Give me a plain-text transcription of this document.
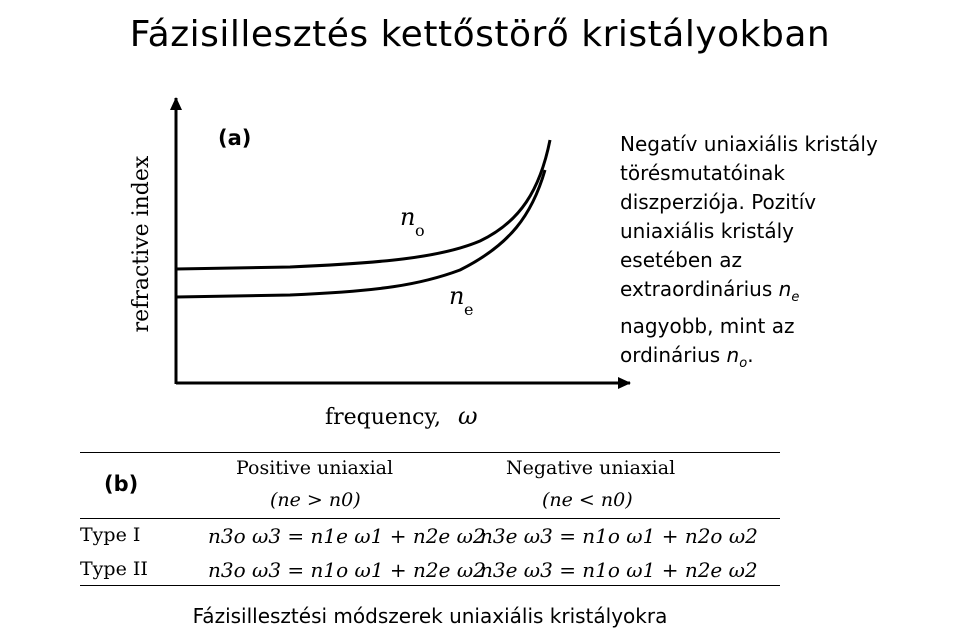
Fázisillesztés kettőstörő kristályokban
refractive index
frequency, ω
n o
n e
(a)	Negatív uniaxiális kristály
törésmutatóinak
diszperziója. Pozitív
uniaxiális kristály
esetében az
extraordinárius $n_e$
nagyobb, mint az
ordinárius $n_o$.
(b)
Positive uniaxial
(ne > n0)
Negative uniaxial
(ne < n0)
Type I
Type II
n3o ω3 = n1e ω1 + n2e ω2
n3e ω3 = n1o ω1 + n2o ω2
n3o ω3 = n1o ω1 + n2e ω2
n3e ω3 = n1o ω1 + n2e ω2
Fázisillesztési módszerek uniaxiális kristályokra
